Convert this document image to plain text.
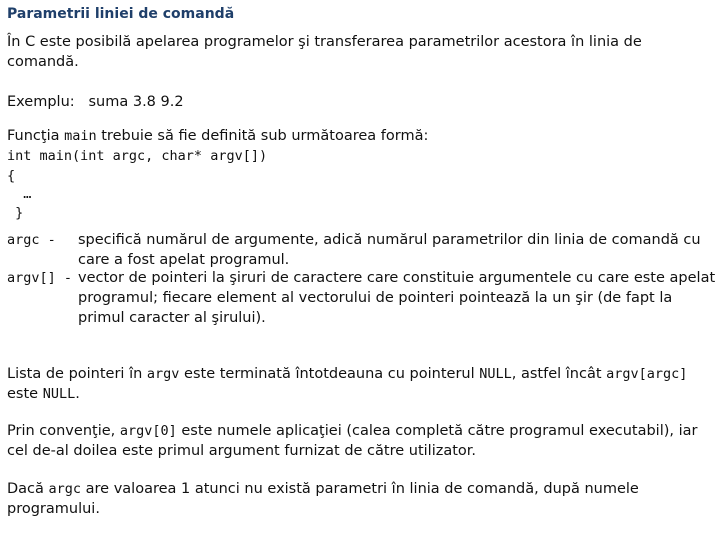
Parametrii liniei de comandă
În C este posibilă apelarea programelor şi transferarea parametrilor acestora în linia de comandă.
Exemplu: suma 3.8 9.2
Funcţia main trebuie să fie definită sub următoarea formă:
int main(int argc, char* argv[])
{
…
}
argc - specifică numărul de argumente, adică numărul parametrilor din linia de comandă cu care a fost apelat programul.
argv[] - vector de pointeri la şiruri de caractere care constituie argumentele cu care este apelat programul; fiecare element al vectorului de pointeri pointează la un şir (de fapt la primul caracter al şirului).
Lista de pointeri în argv este terminată întotdeauna cu pointerul NULL, astfel încât argv[argc] este NULL.
Prin convenţie, argv[0] este numele aplicaţiei (calea completă către programul executabil), iar cel de-al doilea este primul argument furnizat de către utilizator.
Dacă argc are valoarea 1 atunci nu există parametri în linia de comandă, după numele programului.
